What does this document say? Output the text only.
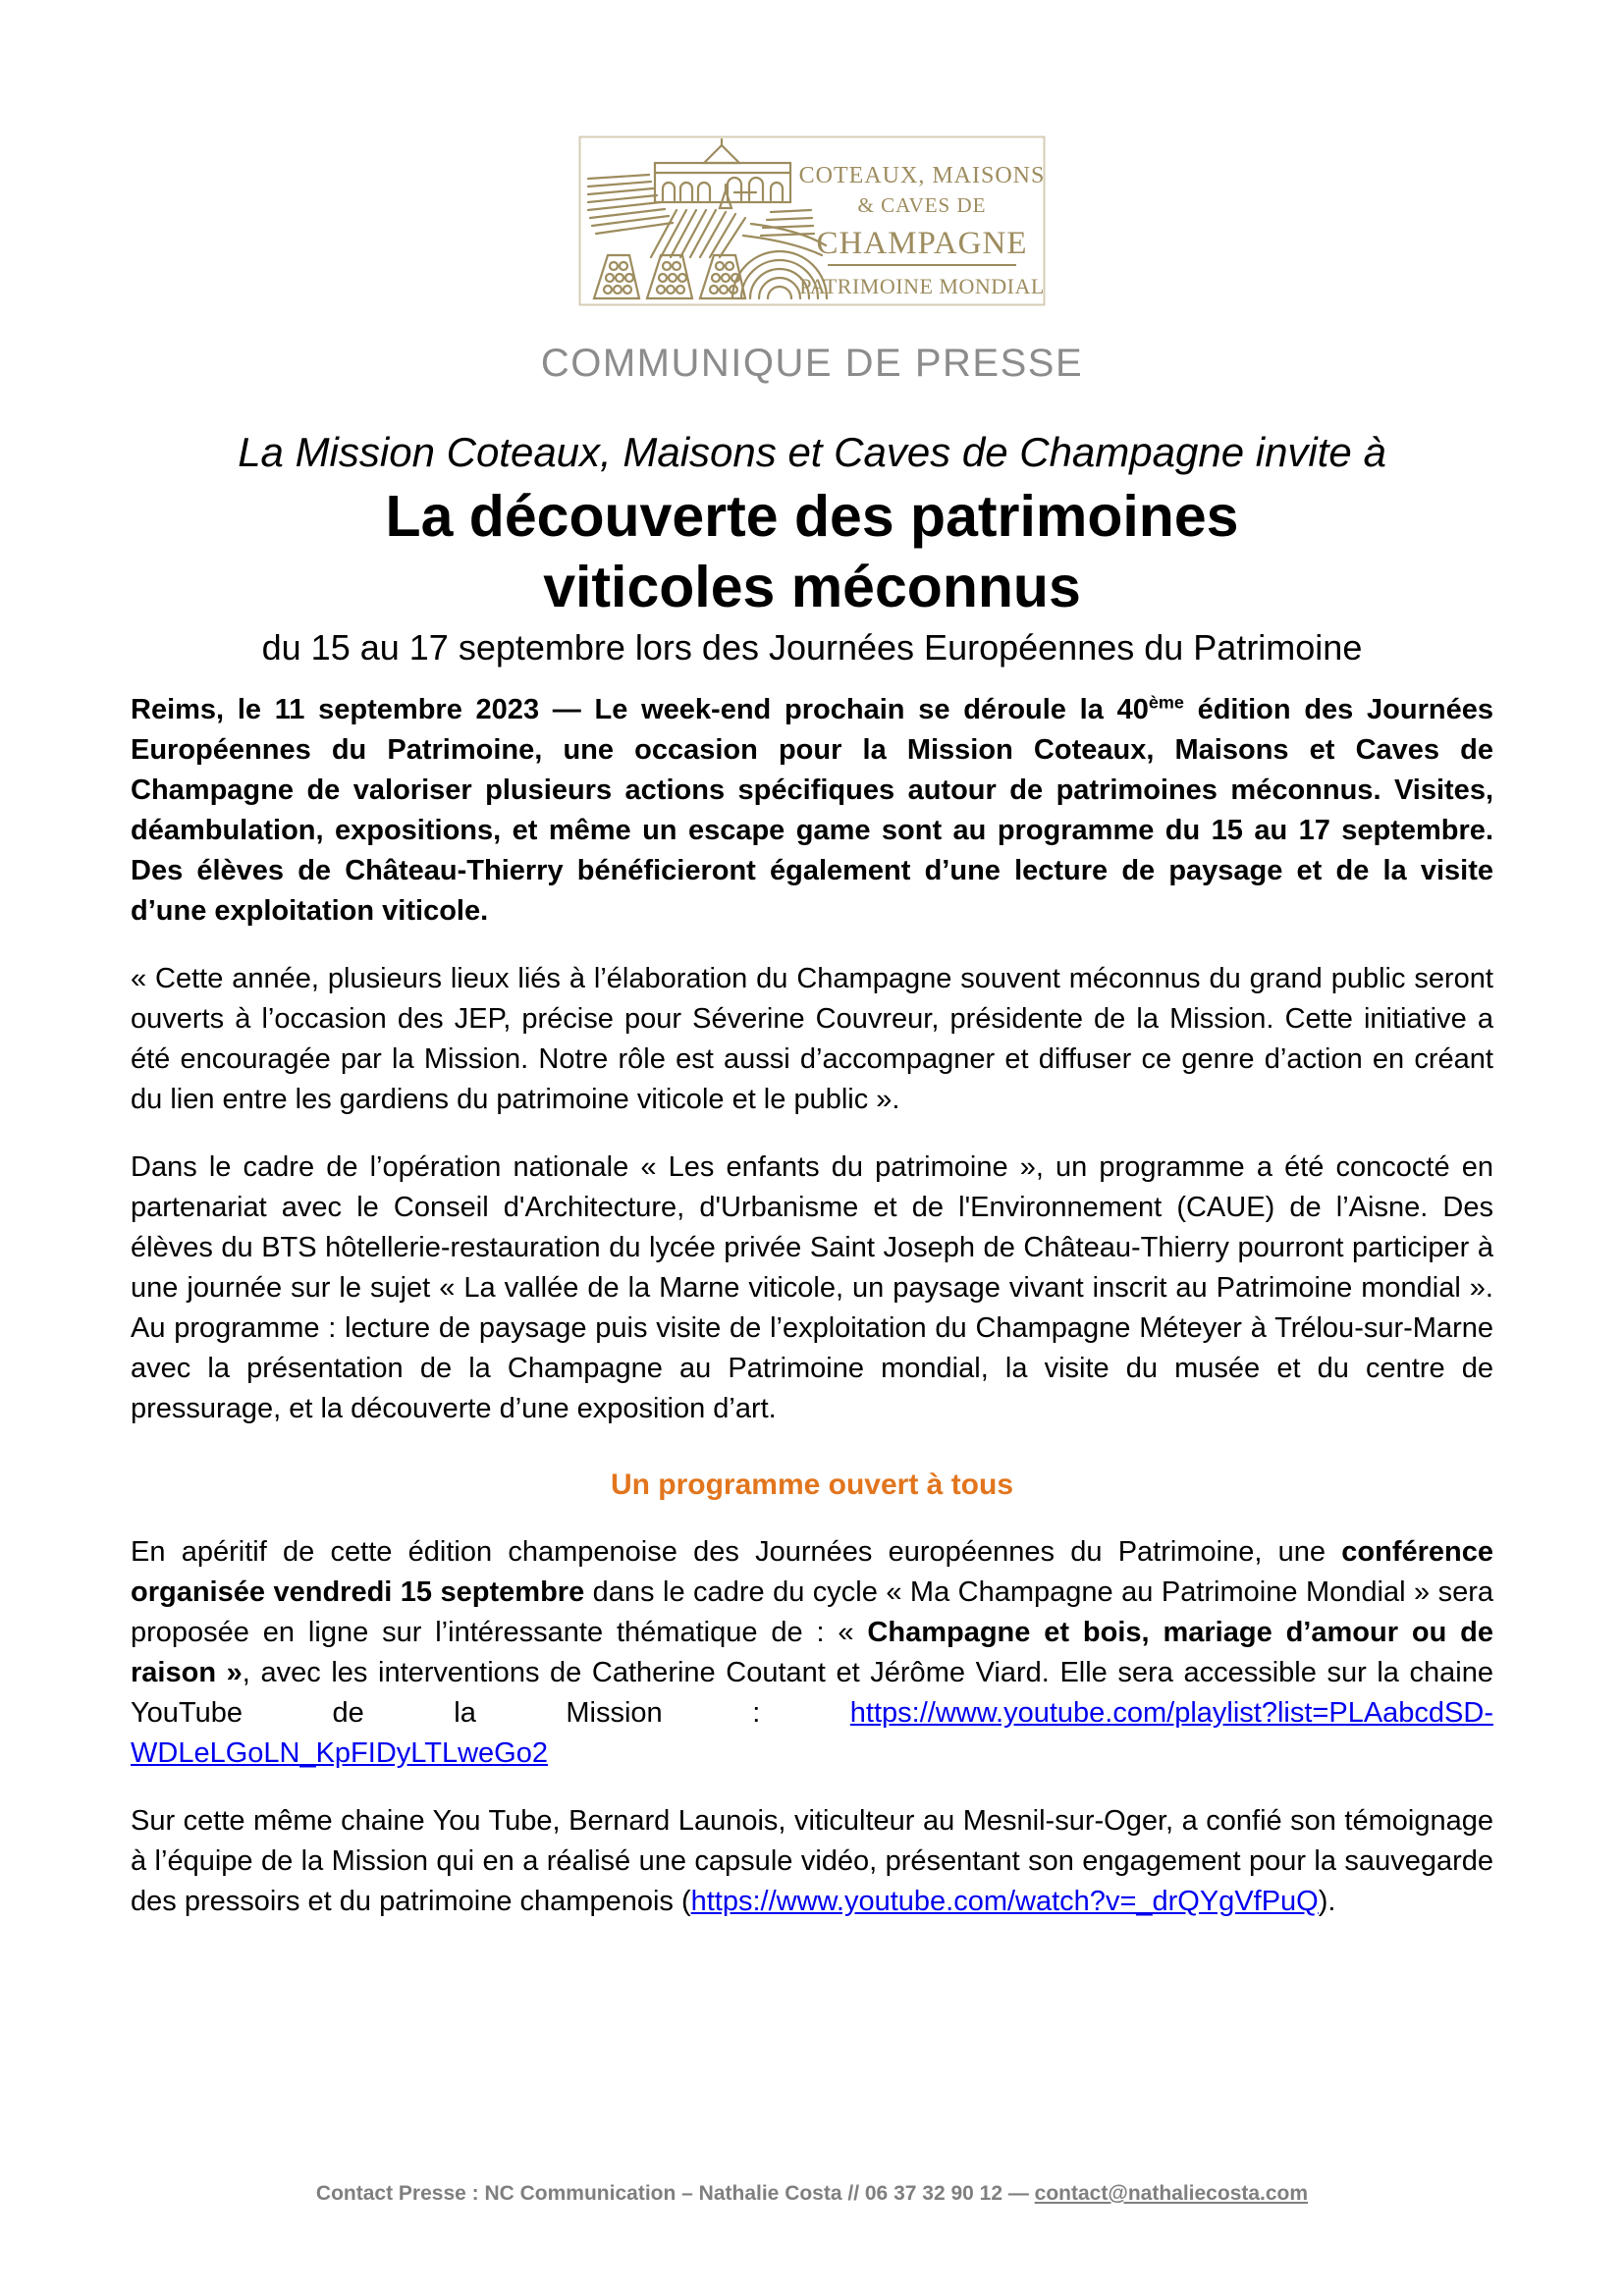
COTEAUX, MAISONS
& CAVES DE
CHAMPAGNE
PATRIMOINE MONDIAL
COMMUNIQUE DE PRESSE
La Mission Coteaux, Maisons et Caves de Champagne invite à
La découverte des patrimoines
viticoles méconnus
du 15 au 17 septembre lors des Journées Européennes du Patrimoine

Reims, le 11 septembre 2023 — Le week-end prochain se déroule la 40ème édition des Journées Européennes du Patrimoine, une occasion pour la Mission Coteaux, Maisons et Caves de Champagne de valoriser plusieurs actions spécifiques autour de patrimoines méconnus. Visites, déambulation, expositions, et même un escape game sont au programme du 15 au 17 septembre. Des élèves de Château-Thierry bénéficieront également d’une lecture de paysage et de la visite d’une exploitation viticole.

« Cette année, plusieurs lieux liés à l’élaboration du Champagne souvent méconnus du grand public seront ouverts à l’occasion des JEP, précise pour Séverine Couvreur, présidente de la Mission. Cette initiative a été encouragée par la Mission. Notre rôle est aussi d’accompagner et diffuser ce genre d’action en créant du lien entre les gardiens du patrimoine viticole et le public ».

Dans le cadre de l’opération nationale « Les enfants du patrimoine », un programme a été concocté en partenariat avec le Conseil d'Architecture, d'Urbanisme et de l'Environnement (CAUE) de l’Aisne. Des élèves du BTS hôtellerie-restauration du lycée privée Saint Joseph de Château-Thierry pourront participer à une journée sur le sujet « La vallée de la Marne viticole, un paysage vivant inscrit au Patrimoine mondial ». Au programme : lecture de paysage puis visite de l’exploitation du Champagne Méteyer à Trélou-sur-Marne avec la présentation de la Champagne au Patrimoine mondial, la visite du musée et du centre de pressurage, et la découverte d’une exposition d’art.

Un programme ouvert à tous

En apéritif de cette édition champenoise des Journées européennes du Patrimoine, une conférence organisée vendredi 15 septembre dans le cadre du cycle « Ma Champagne au Patrimoine Mondial » sera proposée en ligne sur l’intéressante thématique de : « Champagne et bois, mariage d’amour ou de raison », avec les interventions de Catherine Coutant et Jérôme Viard. Elle sera accessible sur la chaine YouTube de la Mission : https://www.youtube.com/playlist?list=PLAabcdSD-WDLeLGoLN_KpFIDyLTLweGo2

Sur cette même chaine You Tube, Bernard Launois, viticulteur au Mesnil-sur-Oger, a confié son témoignage à l’équipe de la Mission qui en a réalisé une capsule vidéo, présentant son engagement pour la sauvegarde des pressoirs et du patrimoine champenois (https://www.youtube.com/watch?v=_drQYgVfPuQ).

Contact Presse : NC Communication – Nathalie Costa // 06 37 32 90 12 — contact@nathaliecosta.com
